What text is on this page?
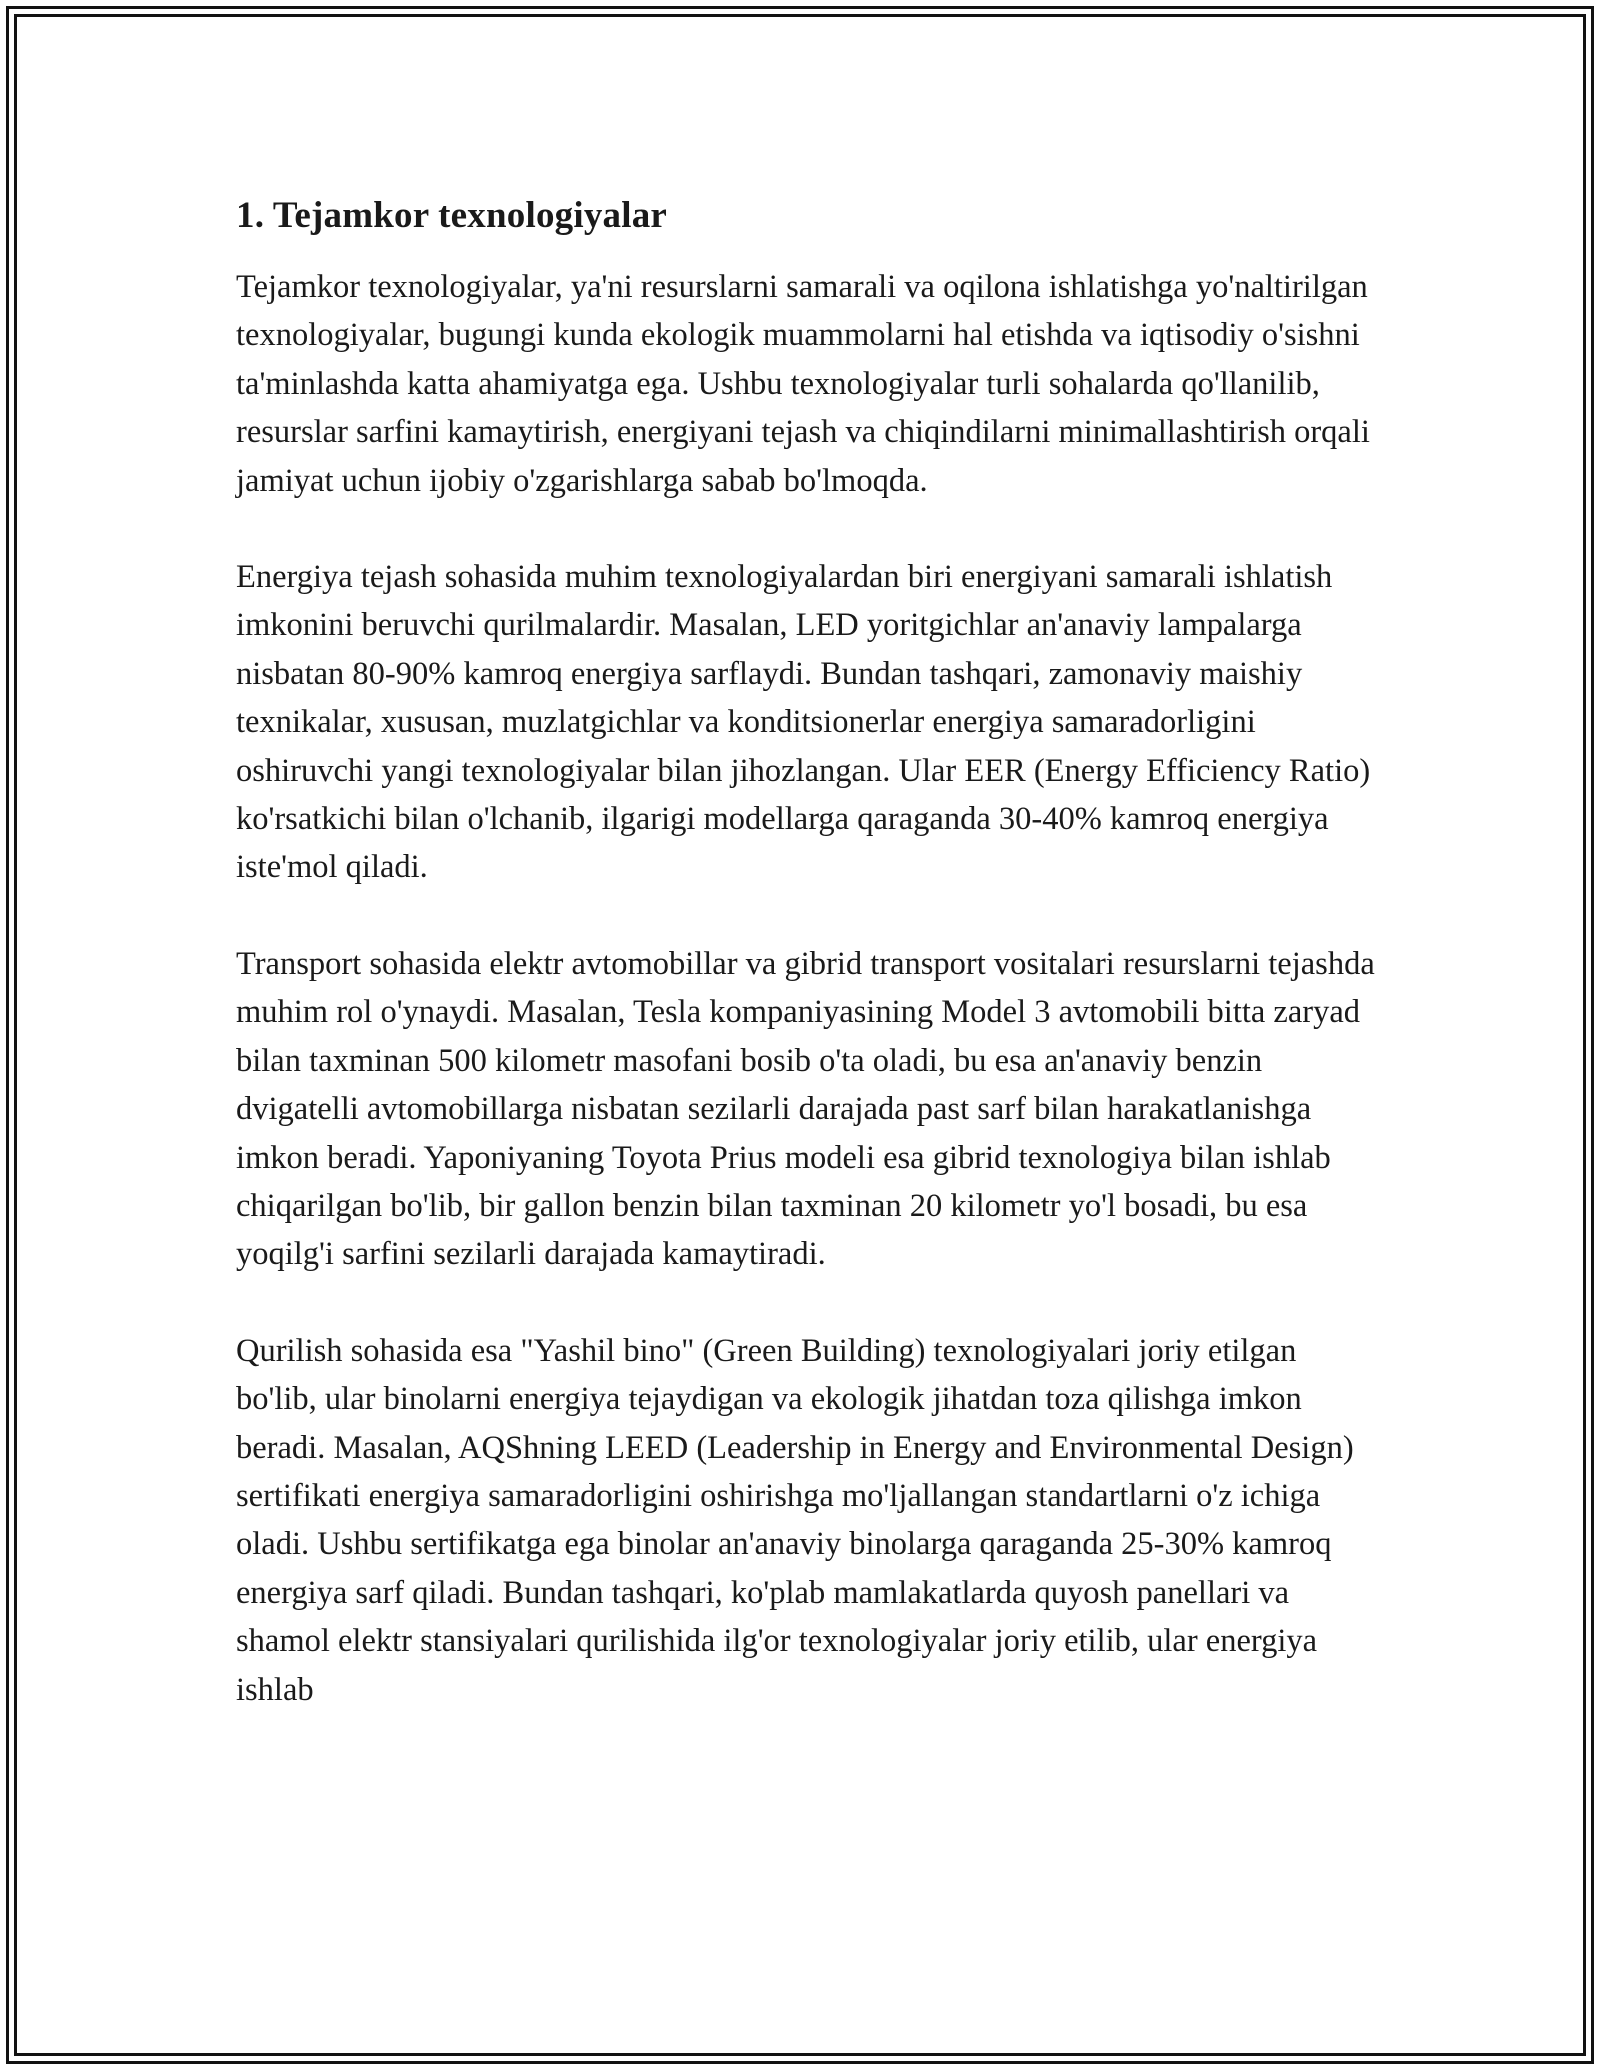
1. Tejamkor texnologiyalar

Tejamkor texnologiyalar, ya'ni resurslarni samarali va oqilona ishlatishga yo'naltirilgan texnologiyalar, bugungi kunda ekologik muammolarni hal etishda va iqtisodiy o'sishni ta'minlashda katta ahamiyatga ega. Ushbu texnologiyalar turli sohalarda qo'llanilib, resurslar sarfini kamaytirish, energiyani tejash va chiqindilarni minimallashtirish orqali jamiyat uchun ijobiy o'zgarishlarga sabab bo'lmoqda.

Energiya tejash sohasida muhim texnologiyalardan biri energiyani samarali ishlatish imkonini beruvchi qurilmalardir. Masalan, LED yoritgichlar an'anaviy lampalarga nisbatan 80-90% kamroq energiya sarflaydi. Bundan tashqari, zamonaviy maishiy texnikalar, xususan, muzlatgichlar va konditsionerlar energiya samaradorligini oshiruvchi yangi texnologiyalar bilan jihozlangan. Ular EER (Energy Efficiency Ratio) ko'rsatkichi bilan o'lchanib, ilgarigi modellarga qaraganda 30-40% kamroq energiya iste'mol qiladi.

Transport sohasida elektr avtomobillar va gibrid transport vositalari resurslarni tejashda muhim rol o'ynaydi. Masalan, Tesla kompaniyasining Model 3 avtomobili bitta zaryad bilan taxminan 500 kilometr masofani bosib o'ta oladi, bu esa an'anaviy benzin dvigatelli avtomobillarga nisbatan sezilarli darajada past sarf bilan harakatlanishga imkon beradi. Yaponiyaning Toyota Prius modeli esa gibrid texnologiya bilan ishlab chiqarilgan bo'lib, bir gallon benzin bilan taxminan 20 kilometr yo'l bosadi, bu esa yoqilg'i sarfini sezilarli darajada kamaytiradi.

Qurilish sohasida esa "Yashil bino" (Green Building) texnologiyalari joriy etilgan bo'lib, ular binolarni energiya tejaydigan va ekologik jihatdan toza qilishga imkon beradi. Masalan, AQShning LEED (Leadership in Energy and Environmental Design) sertifikati energiya samaradorligini oshirishga mo'ljallangan standartlarni o'z ichiga oladi. Ushbu sertifikatga ega binolar an'anaviy binolarga qaraganda 25-30% kamroq energiya sarf qiladi. Bundan tashqari, ko'plab mamlakatlarda quyosh panellari va shamol elektr stansiyalari qurilishida ilg'or texnologiyalar joriy etilib, ular energiya ishlab
